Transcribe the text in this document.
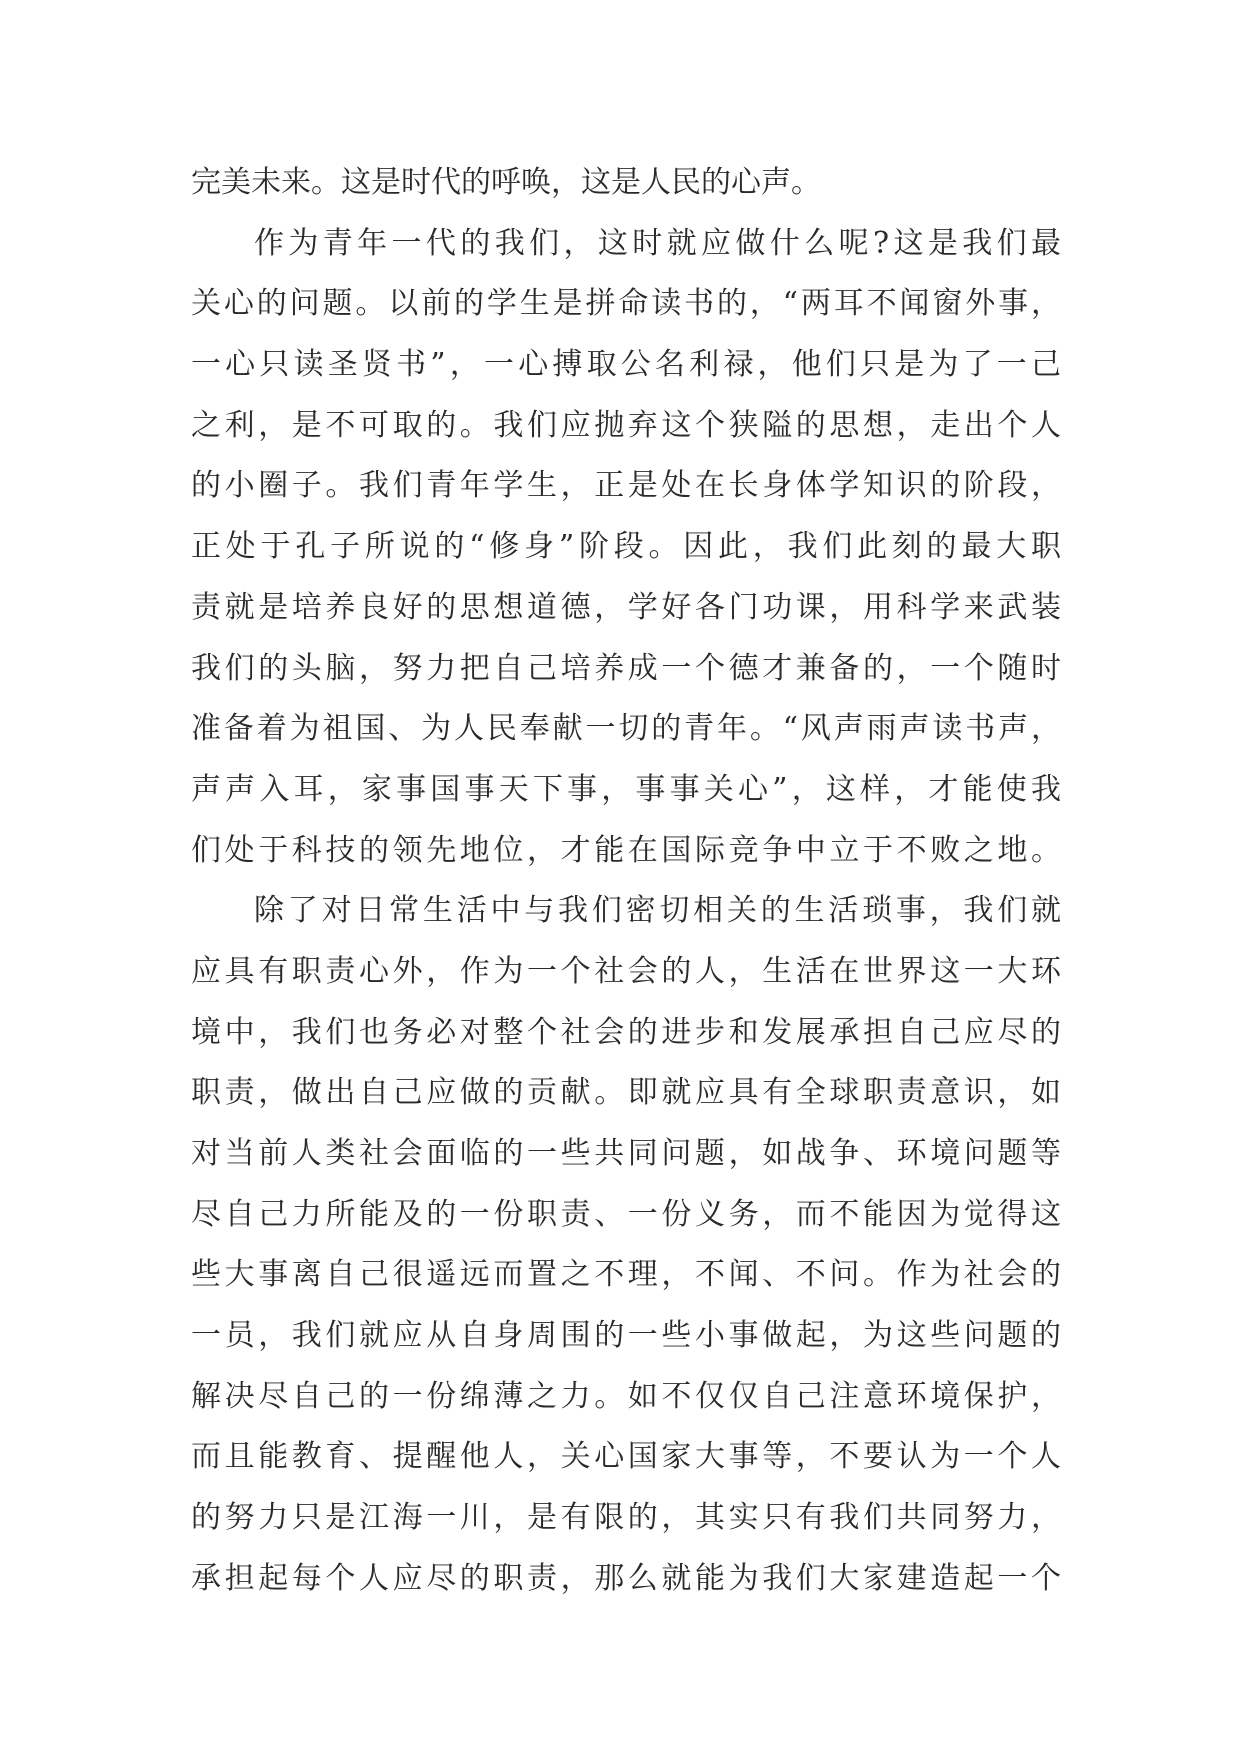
完美未来。这是时代的呼唤，这是人民的心声。
作为青年一代的我们，这时就应做什么呢?这是我们最
关心的问题。以前的学生是拼命读书的，“两耳不闻窗外事，
一心只读圣贤书”，一心搏取公名利禄，他们只是为了一己
之利，是不可取的。我们应抛弃这个狭隘的思想，走出个人
的小圈子。我们青年学生，正是处在长身体学知识的阶段，
正处于孔子所说的“修身”阶段。因此，我们此刻的最大职
责就是培养良好的思想道德，学好各门功课，用科学来武装
我们的头脑，努力把自己培养成一个德才兼备的，一个随时
准备着为祖国、为人民奉献一切的青年。“风声雨声读书声，
声声入耳，家事国事天下事，事事关心”，这样，才能使我
们处于科技的领先地位，才能在国际竞争中立于不败之地。
除了对日常生活中与我们密切相关的生活琐事，我们就
应具有职责心外，作为一个社会的人，生活在世界这一大环
境中，我们也务必对整个社会的进步和发展承担自己应尽的
职责，做出自己应做的贡献。即就应具有全球职责意识，如
对当前人类社会面临的一些共同问题，如战争、环境问题等
尽自己力所能及的一份职责、一份义务，而不能因为觉得这
些大事离自己很遥远而置之不理，不闻、不问。作为社会的
一员，我们就应从自身周围的一些小事做起，为这些问题的
解决尽自己的一份绵薄之力。如不仅仅自己注意环境保护，
而且能教育、提醒他人，关心国家大事等，不要认为一个人
的努力只是江海一川，是有限的，其实只有我们共同努力，
承担起每个人应尽的职责，那么就能为我们大家建造起一个
